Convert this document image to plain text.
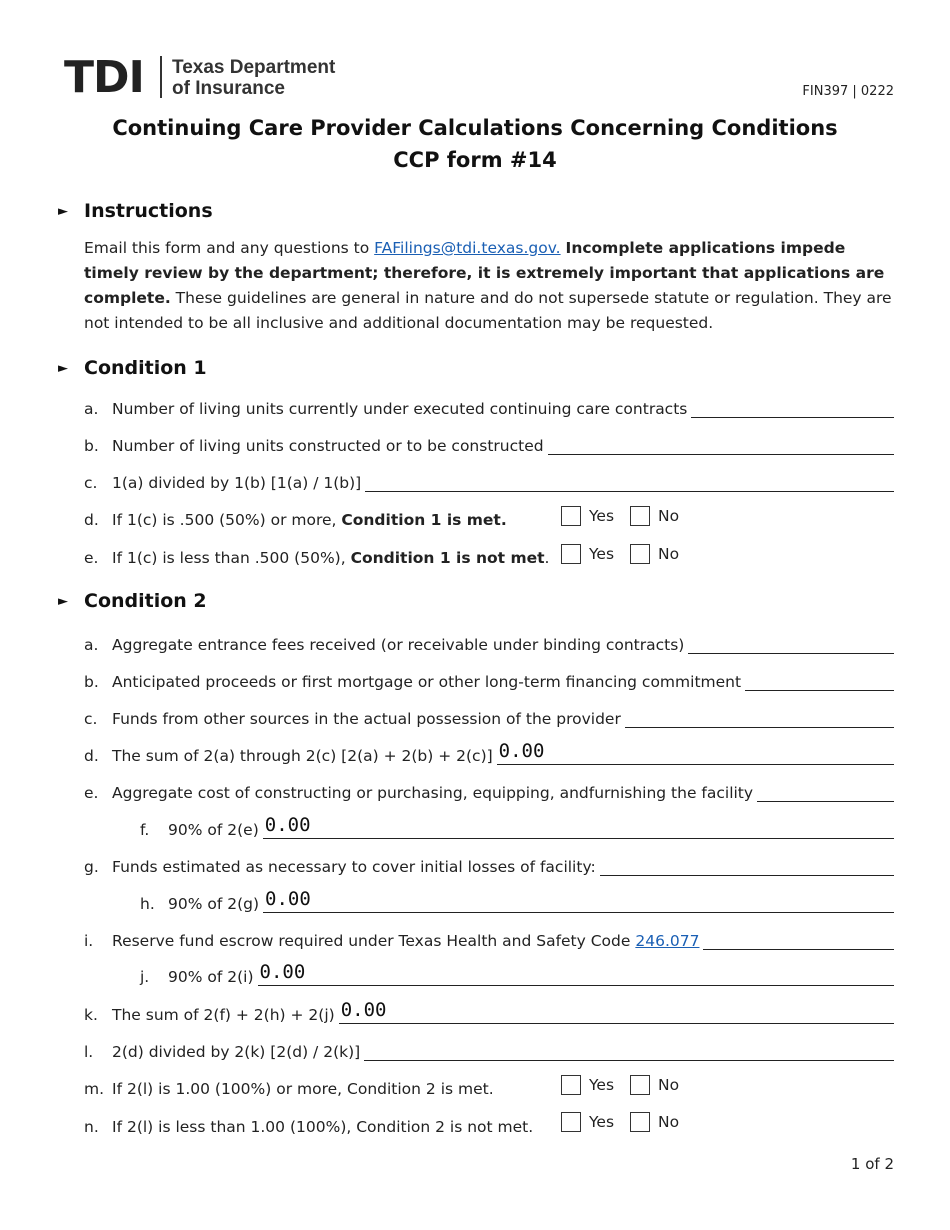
TDI Texas Department
of Insurance	FIN397 | 0222
Continuing Care Provider Calculations Concerning Conditions
CCP form #14
► Instructions
Email this form and any questions to FAFilings@tdi.texas.gov. Incomplete applications impede timely review by the department; therefore, it is extremely important that applications are complete. These guidelines are general in nature and do not supersede statute or regulation. They are not intended to be all inclusive and additional documentation may be requested.
► Condition 1
a. Number of living units currently under executed continuing care contracts
b. Number of living units constructed or to be constructed
c. 1(a) divided by 1(b) [1(a) / 1(b)]
d. If 1(c) is .500 (50%) or more, Condition 1 is met.	Yes	No
e. If 1(c) is less than .500 (50%), Condition 1 is not met.	Yes	No
► Condition 2
a. Aggregate entrance fees received (or receivable under binding contracts)
b. Anticipated proceeds or first mortgage or other long-term financing commitment
c. Funds from other sources in the actual possession of the provider
d. The sum of 2(a) through 2(c) [2(a) + 2(b) + 2(c)] 0.00
e. Aggregate cost of constructing or purchasing, equipping, andfurnishing the facility
f.	90% of 2(e) 0.00
g. Funds estimated as necessary to cover initial losses of facility:
h. 90% of 2(g) 0.00
i.	Reserve fund escrow required under Texas Health and Safety Code 246.077
j.	90% of 2(i) 0.00
k. The sum of 2(f) + 2(h) + 2(j) 0.00
l.	2(d) divided by 2(k) [2(d) / 2(k)]
m. If 2(l) is 1.00 (100%) or more, Condition 2 is met.	Yes	No
n. If 2(l) is less than 1.00 (100%), Condition 2 is not met.	Yes	No
1 of 2
